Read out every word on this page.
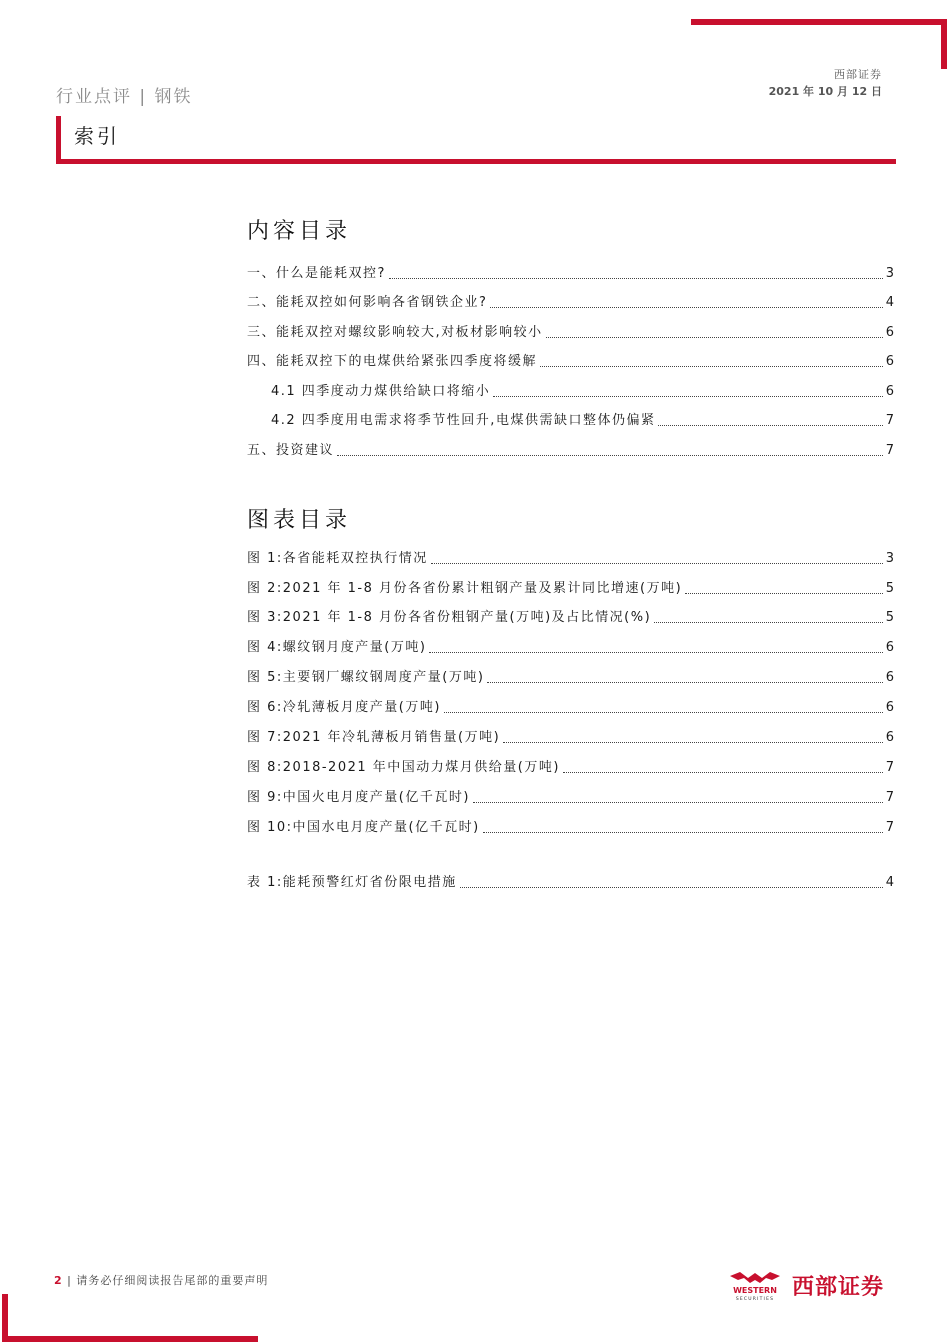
西部证券
2021 年 10 月 12 日
行业点评 | 钢铁
索引
内容目录
一、什么是能耗双控?	3
二、能耗双控如何影响各省钢铁企业?	4
三、能耗双控对螺纹影响较大,对板材影响较小	6
四、能耗双控下的电煤供给紧张四季度将缓解	6
4.1 四季度动力煤供给缺口将缩小	6
4.2 四季度用电需求将季节性回升,电煤供需缺口整体仍偏紧	7
五、投资建议	7
图表目录
图 1:各省能耗双控执行情况	3
图 2:2021 年 1-8 月份各省份累计粗钢产量及累计同比增速(万吨)	5
图 3:2021 年 1-8 月份各省份粗钢产量(万吨)及占比情况(%)	5
图 4:螺纹钢月度产量(万吨)	6
图 5:主要钢厂螺纹钢周度产量(万吨)	6
图 6:冷轧薄板月度产量(万吨)	6
图 7:2021 年冷轧薄板月销售量(万吨)	6
图 8:2018-2021 年中国动力煤月供给量(万吨)	7
图 9:中国火电月度产量(亿千瓦时)	7
图 10:中国水电月度产量(亿千瓦时)	7
表 1:能耗预警红灯省份限电措施	4
2 | 请务必仔细阅读报告尾部的重要声明
WESTERN
SECURITIES 西部证券
